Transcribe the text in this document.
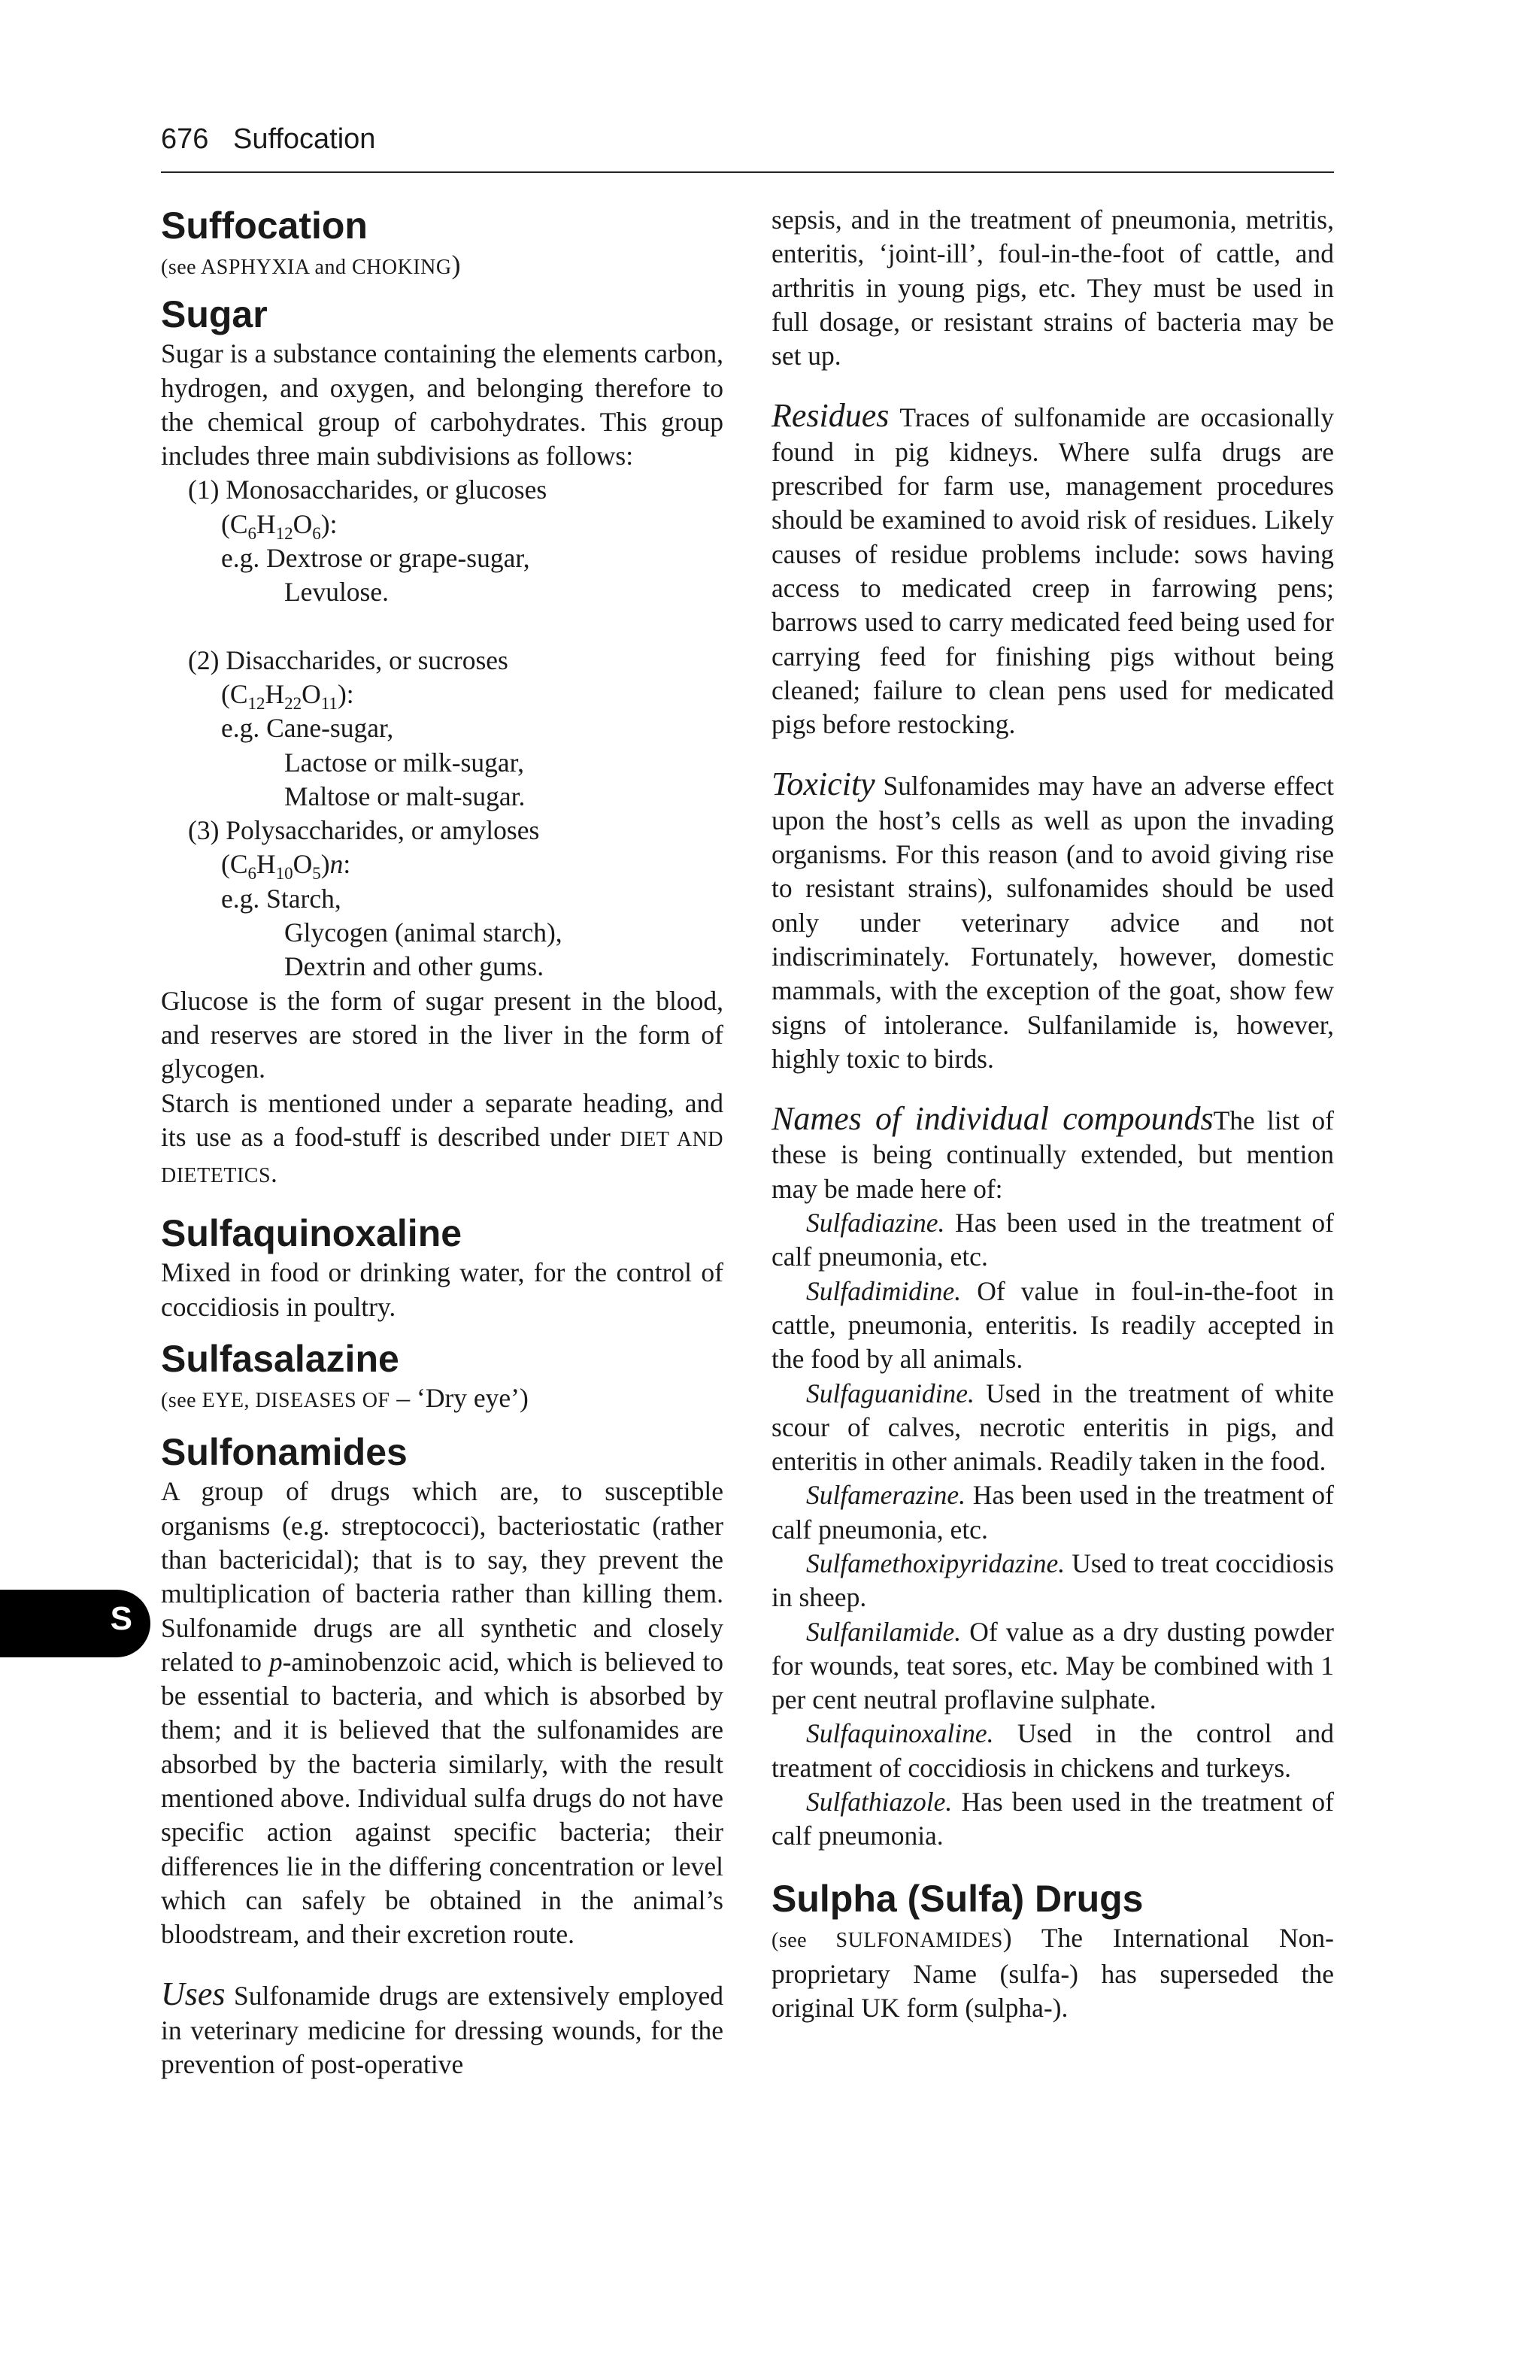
676 Suffocation
S
Suffocation

(see ASPHYXIA and CHOKING)

Sugar

Sugar is a substance containing the elements carbon, hydrogen, and oxygen, and belonging therefore to the chemical group of carbohydrates. This group includes three main subdivisions as follows:

(1) Monosaccharides, or glucoses
$(C_6H_{12}O_6)$:
e.g. Dextrose or grape-sugar,
Levulose.
(2) Disaccharides, or sucroses
$(C_{12}H_{22}O_{11})$:
e.g. Cane-sugar,
Lactose or milk-sugar,
Maltose or malt-sugar.
(3) Polysaccharides, or amyloses
$(C_6H_{10}O_5)n$:
e.g. Starch,
Glycogen (animal starch),
Dextrin and other gums.

Glucose is the form of sugar present in the blood, and reserves are stored in the liver in the form of glycogen.

Starch is mentioned under a separate heading, and its use as a food-stuff is described under DIET AND DIETETICS.

Sulfaquinoxaline

Mixed in food or drinking water, for the control of coccidiosis in poultry.

Sulfasalazine

(see EYE, DISEASES OF – ‘Dry eye’)

Sulfonamides

A group of drugs which are, to susceptible organisms (e.g. streptococci), bacteriostatic (rather than bactericidal); that is to say, they prevent the multiplication of bacteria rather than killing them. Sulfonamide drugs are all synthetic and closely related to p-aminobenzoic acid, which is believed to be essential to bacteria, and which is absorbed by them; and it is believed that the sulfonamides are absorbed by the bacteria similarly, with the result mentioned above. Individual sulfa drugs do not have specific action against specific bacteria; their differences lie in the differing concentration or level which can safely be obtained in the animal’s bloodstream, and their excretion route.

Uses Sulfonamide drugs are extensively employed in veterinary medicine for dressing wounds, for the prevention of post-operative

sepsis, and in the treatment of pneumonia, metritis, enteritis, ‘joint-ill’, foul-in-the-foot of cattle, and arthritis in young pigs, etc. They must be used in full dosage, or resistant strains of bacteria may be set up.

Residues Traces of sulfonamide are occasionally found in pig kidneys. Where sulfa drugs are prescribed for farm use, management procedures should be examined to avoid risk of residues. Likely causes of residue problems include: sows having access to medicated creep in farrowing pens; barrows used to carry medicated feed being used for carrying feed for finishing pigs without being cleaned; failure to clean pens used for medicated pigs before restocking.

Toxicity Sulfonamides may have an adverse effect upon the host’s cells as well as upon the invading organisms. For this reason (and to avoid giving rise to resistant strains), sulfonamides should be used only under veterinary advice and not indiscriminately. Fortunately, however, domestic mammals, with the exception of the goat, show few signs of intolerance. Sulfanilamide is, however, highly toxic to birds.

Names of individual compoundsThe list of these is being continually extended, but mention may be made here of:

Sulfadiazine. Has been used in the treatment of calf pneumonia, etc.

Sulfadimidine. Of value in foul-in-the-foot in cattle, pneumonia, enteritis. Is readily accepted in the food by all animals.

Sulfaguanidine. Used in the treatment of white scour of calves, necrotic enteritis in pigs, and enteritis in other animals. Readily taken in the food.

Sulfamerazine. Has been used in the treatment of calf pneumonia, etc.

Sulfamethoxipyridazine. Used to treat coccidiosis in sheep.

Sulfanilamide. Of value as a dry dusting powder for wounds, teat sores, etc. May be combined with 1 per cent neutral proflavine sulphate.

Sulfaquinoxaline. Used in the control and treatment of coccidiosis in chickens and turkeys.

Sulfathiazole. Has been used in the treatment of calf pneumonia.

Sulpha (Sulfa) Drugs

(see SULFONAMIDES) The International Non-proprietary Name (sulfa-) has superseded the original UK form (sulpha-).
